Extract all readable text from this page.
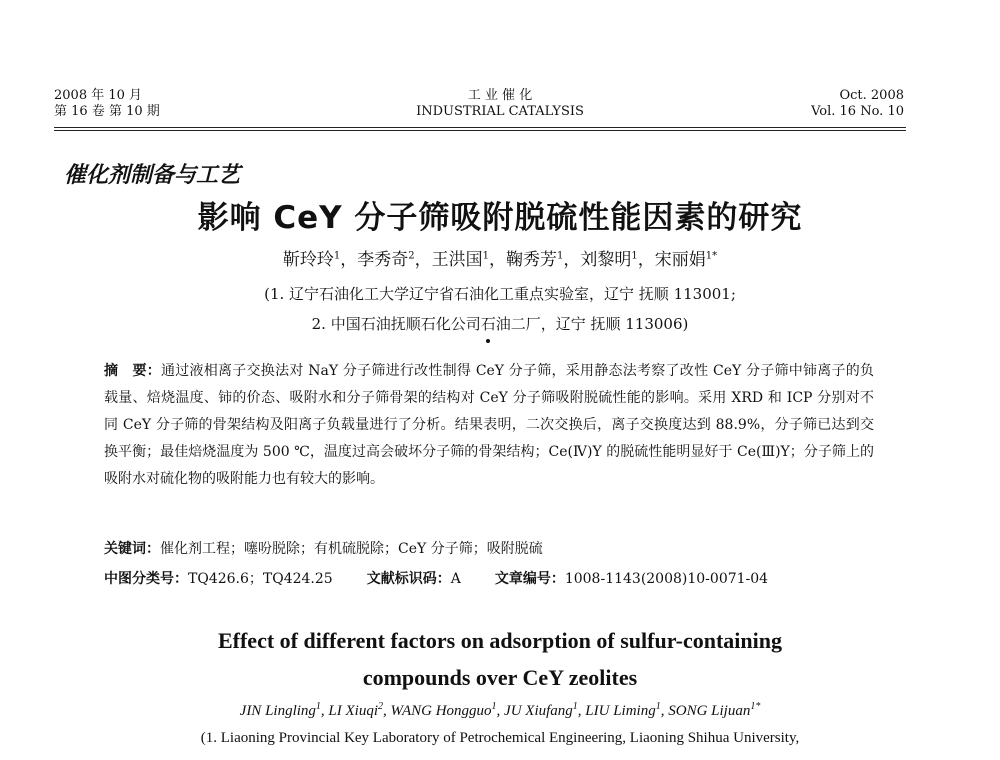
2008 年 10 月
第 16 卷 第 10 期
工 业 催 化
INDUSTRIAL CATALYSIS
Oct. 2008
Vol. 16 No. 10
催化剂制备与工艺
影响 CeY 分子筛吸附脱硫性能因素的研究
靳玲玲$^1$，李秀奇$^2$，王洪国$^1$，鞠秀芳$^1$，刘黎明$^1$，宋丽娟$^{1*}$
(1. 辽宁石油化工大学辽宁省石油化工重点实验室，辽宁 抚顺 113001;
2. 中国石油抚顺石化公司石油二厂，辽宁 抚顺 113006)
摘　要：通过液相离子交换法对 NaY 分子筛进行改性制得 CeY 分子筛，采用静态法考察了改性 CeY 分子筛中铈离子的负载量、焙烧温度、铈的价态、吸附水和分子筛骨架的结构对 CeY 分子筛吸附脱硫性能的影响。采用 XRD 和 ICP 分别对不同 CeY 分子筛的骨架结构及阳离子负载量进行了分析。结果表明，二次交换后，离子交换度达到 88.9%，分子筛已达到交换平衡；最佳焙烧温度为 500 ℃，温度过高会破坏分子筛的骨架结构；Ce(Ⅳ)Y 的脱硫性能明显好于 Ce(Ⅲ)Y；分子筛上的吸附水对硫化物的吸附能力也有较大的影响。
关键词：催化剂工程；噻吩脱除；有机硫脱除；CeY 分子筛；吸附脱硫
中图分类号：TQ426.6；TQ424.25 文献标识码：A 文章编号：1008-1143(2008)10-0071-04
Effect of different factors on adsorption of sulfur-containing
compounds over CeY zeolites
JIN Lingling$^1$, LI Xiuqi$^2$, WANG Hongguo$^1$, JU Xiufang$^1$, LIU Liming$^1$, SONG Lijuan$^{1*}$
(1. Liaoning Provincial Key Laboratory of Petrochemical Engineering, Liaoning Shihua University,
